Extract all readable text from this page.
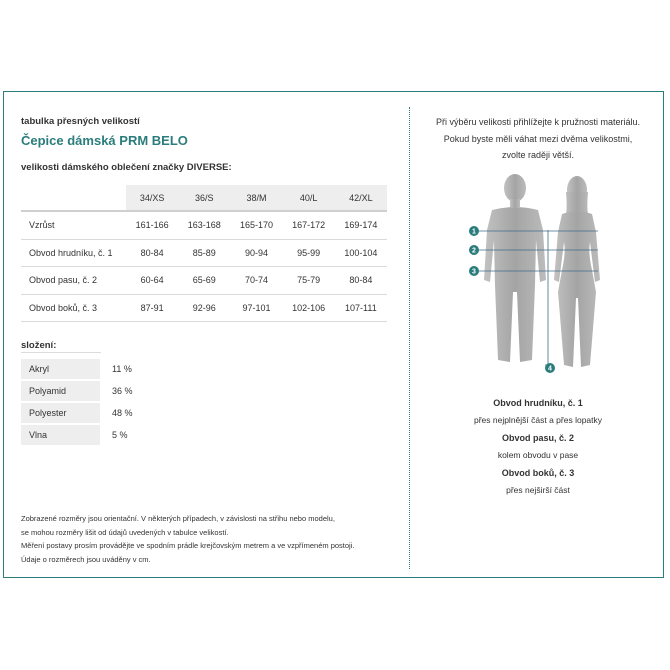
tabulka přesných velikostí
Čepice dámská PRM BELO
velikosti dámského oblečení značky DIVERSE:
	34/XS	36/S	38/M	40/L	42/XL
Vzrůst	161-166	163-168	165-170	167-172	169-174
Obvod hrudníku, č. 1	80-84	85-89	90-94	95-99	100-104
Obvod pasu, č. 2	60-64	65-69	70-74	75-79	80-84
Obvod boků, č. 3	87-91	92-96	97-101	102-106	107-111
složení:
Akryl	11 %
Polyamid	36 %
Polyester	48 %
Vlna	5 %
Zobrazené rozměry jsou orientační. V některých případech, v závislosti na střihu nebo modelu,
se mohou rozměry lišit od údajů uvedených v tabulce velikostí.
Měření postavy prosím provádějte ve spodním prádle krejčovským metrem a ve vzpřímeném postoji.
Údaje o rozměrech jsou uváděny v cm.
Při výběru velikosti přihlížejte k pružnosti materiálu.
Pokud byste měli váhat mezi dvěma velikostmi,
zvolte raději větší.
1
2
3
4
Obvod hrudníku, č. 1
přes nejplnější část a přes lopatky
Obvod pasu, č. 2
kolem obvodu v pase
Obvod boků, č. 3
přes nejširší část
